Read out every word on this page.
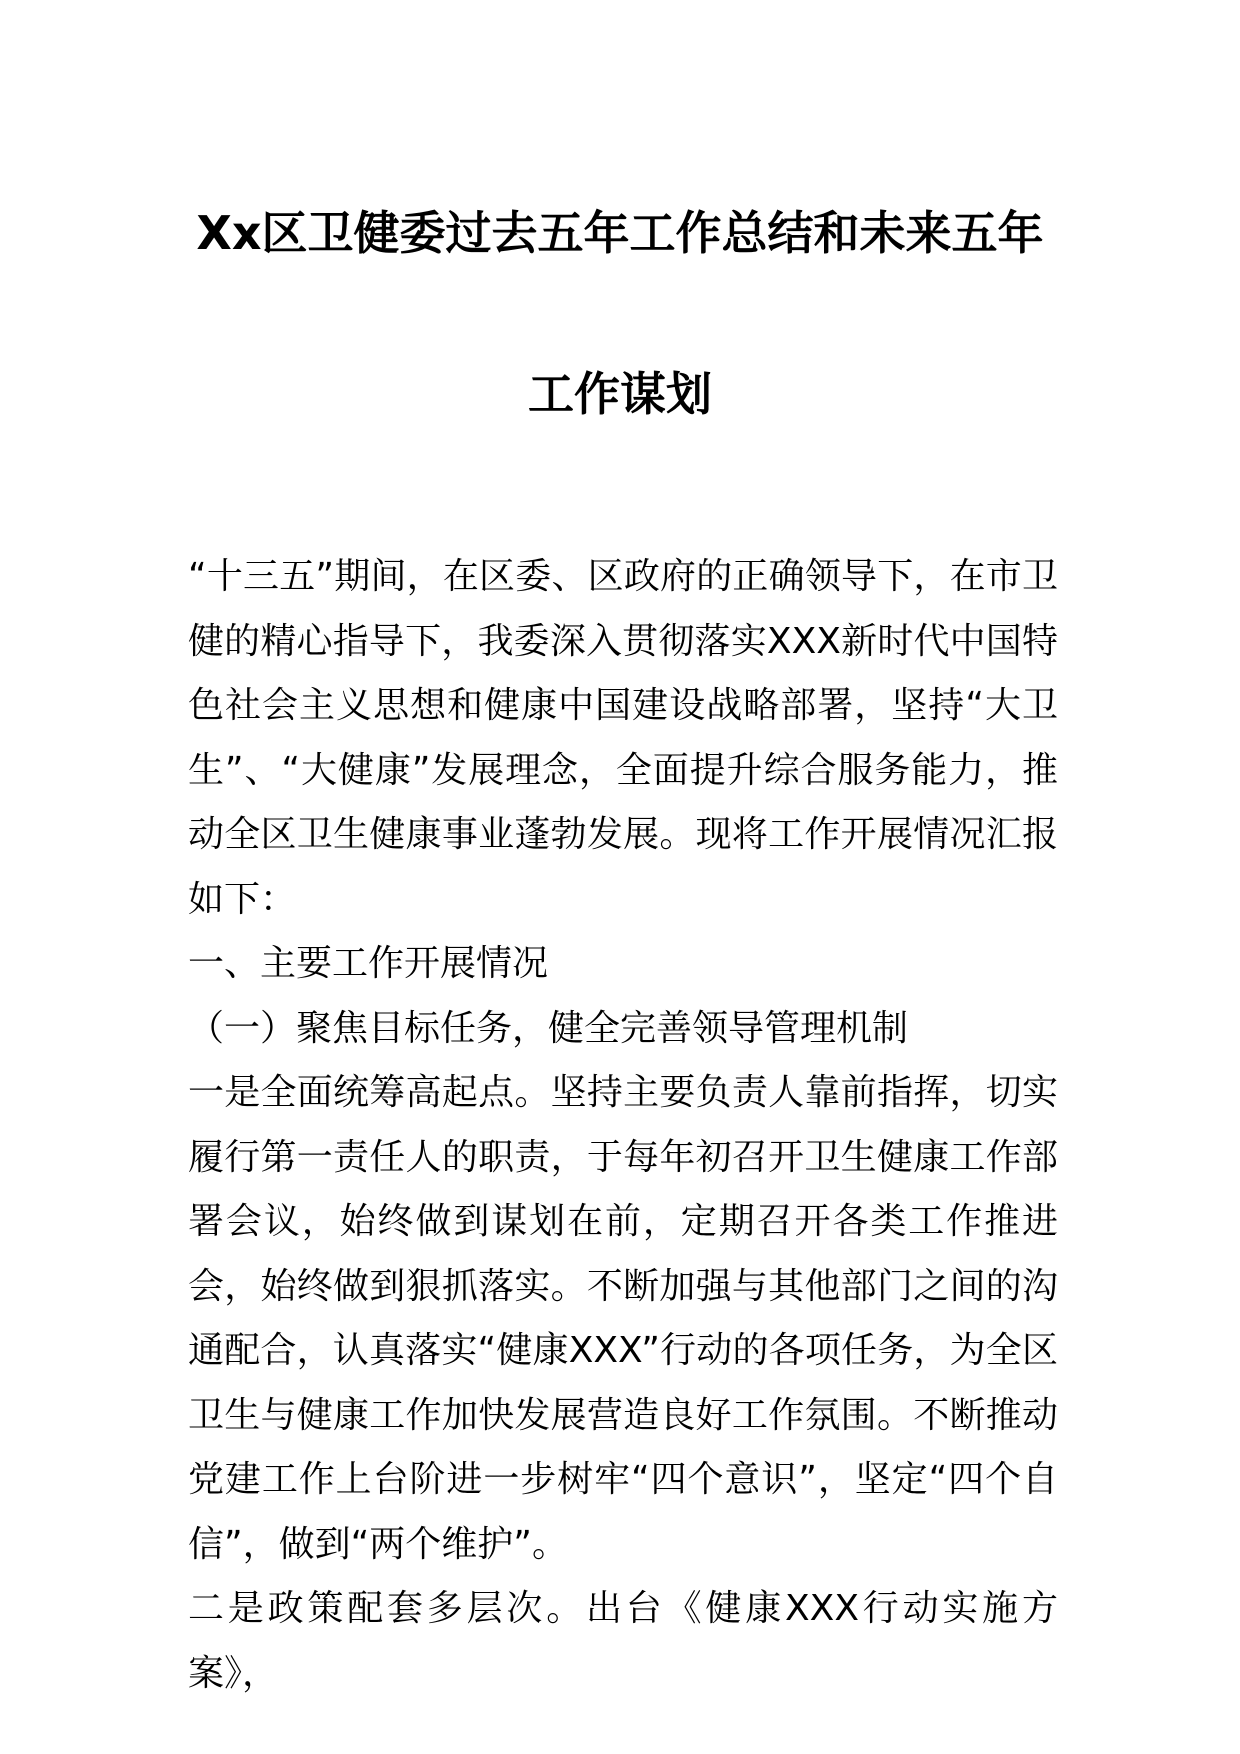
Xx区卫健委过去五年工作总结和未来五年
工作谋划

“十三五”期间，在区委、区政府的正确领导下，在市卫健的精心指导下，我委深入贯彻落实XXX新时代中国特色社会主义思想和健康中国建设战略部署，坚持“大卫生”、“大健康”发展理念，全面提升综合服务能力，推动全区卫生健康事业蓬勃发展。现将工作开展情况汇报如下：

一、主要工作开展情况

（一）聚焦目标任务，健全完善领导管理机制

一是全面统筹高起点。坚持主要负责人靠前指挥，切实履行第一责任人的职责，于每年初召开卫生健康工作部署会议，始终做到谋划在前，定期召开各类工作推进会，始终做到狠抓落实。不断加强与其他部门之间的沟通配合，认真落实“健康XXX”行动的各项任务，为全区卫生与健康工作加快发展营造良好工作氛围。不断推动党建工作上台阶进一步树牢“四个意识”，坚定“四个自信”，做到“两个维护”。

二是政策配套多层次。出台《健康XXX行动实施方案》，
